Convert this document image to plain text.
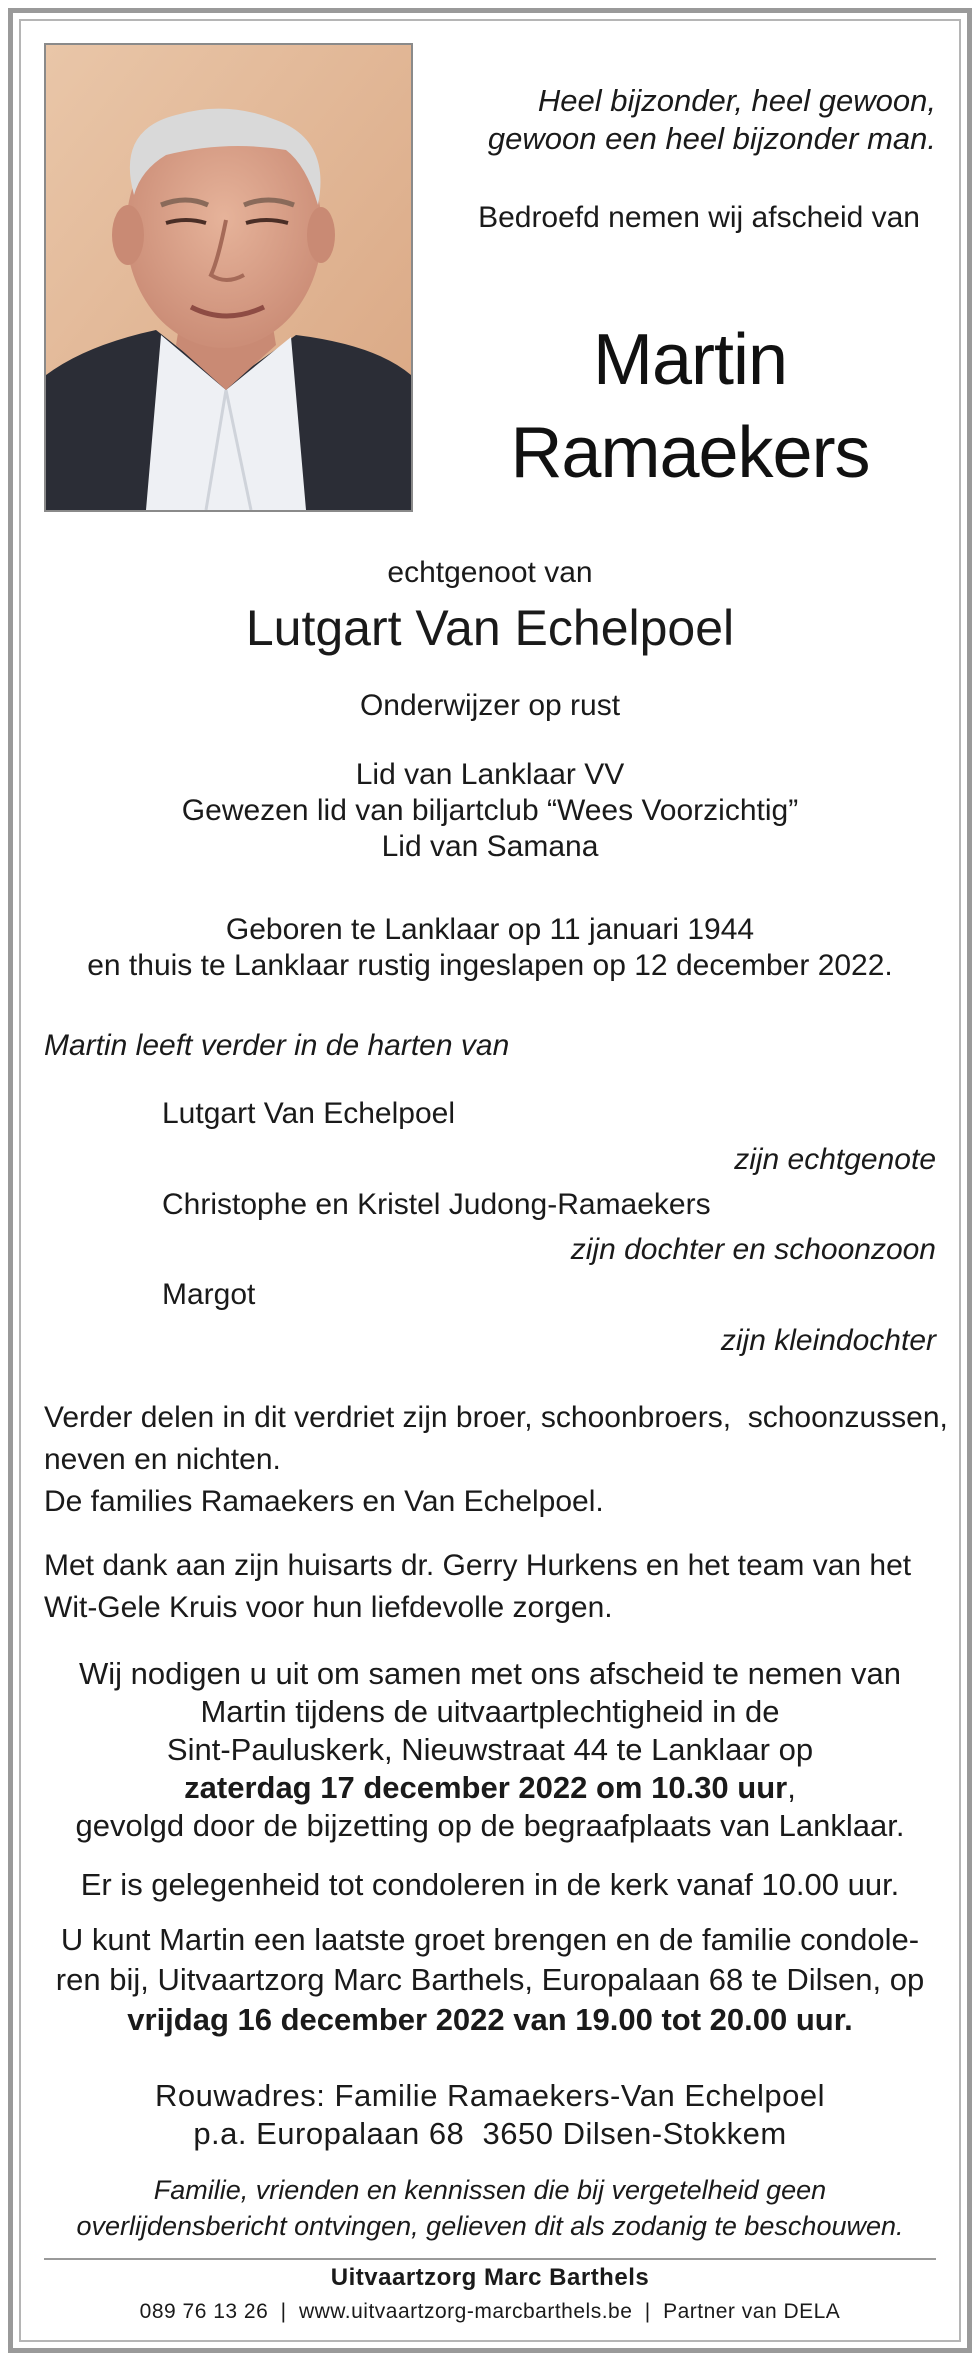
Heel bijzonder, heel gewoon,
gewoon een heel bijzonder man.
Bedroefd nemen wij afscheid van
Martin
Ramaekers
echtgenoot van
Lutgart Van Echelpoel
Onderwijzer op rust
Lid van Lanklaar VV
Gewezen lid van biljartclub “Wees Voorzichtig”
Lid van Samana
Geboren te Lanklaar op 11 januari 1944
en thuis te Lanklaar rustig ingeslapen op 12 december 2022.
Martin leeft verder in de harten van
Lutgart Van Echelpoel
zijn echtgenote
Christophe en Kristel Judong-Ramaekers
zijn dochter en schoonzoon
Margot
zijn kleindochter
Verder delen in dit verdriet zijn broer, schoonbroers,  schoonzussen,
neven en nichten.
De families Ramaekers en Van Echelpoel.
Met dank aan zijn huisarts dr. Gerry Hurkens en het team van het
Wit-Gele Kruis voor hun liefdevolle zorgen.
Wij nodigen u uit om samen met ons afscheid te nemen van
Martin tijdens de uitvaartplechtigheid in de
Sint-Pauluskerk, Nieuwstraat 44 te Lanklaar op
zaterdag 17 december 2022 om 10.30 uur,
gevolgd door de bijzetting op de begraafplaats van Lanklaar.
Er is gelegenheid tot condoleren in de kerk vanaf 10.00 uur.
U kunt Martin een laatste groet brengen en de familie condole-
ren bij, Uitvaartzorg Marc Barthels, Europalaan 68 te Dilsen, op
vrijdag 16 december 2022 van 19.00 tot 20.00 uur.
Rouwadres: Familie Ramaekers-Van Echelpoel
p.a. Europalaan 68  3650 Dilsen-Stokkem
Familie, vrienden en kennissen die bij vergetelheid geen
overlijdensbericht ontvingen, gelieven dit als zodanig te beschouwen.
Uitvaartzorg Marc Barthels
089 76 13 26 | www.uitvaartzorg-marcbarthels.be | Partner van DELA
